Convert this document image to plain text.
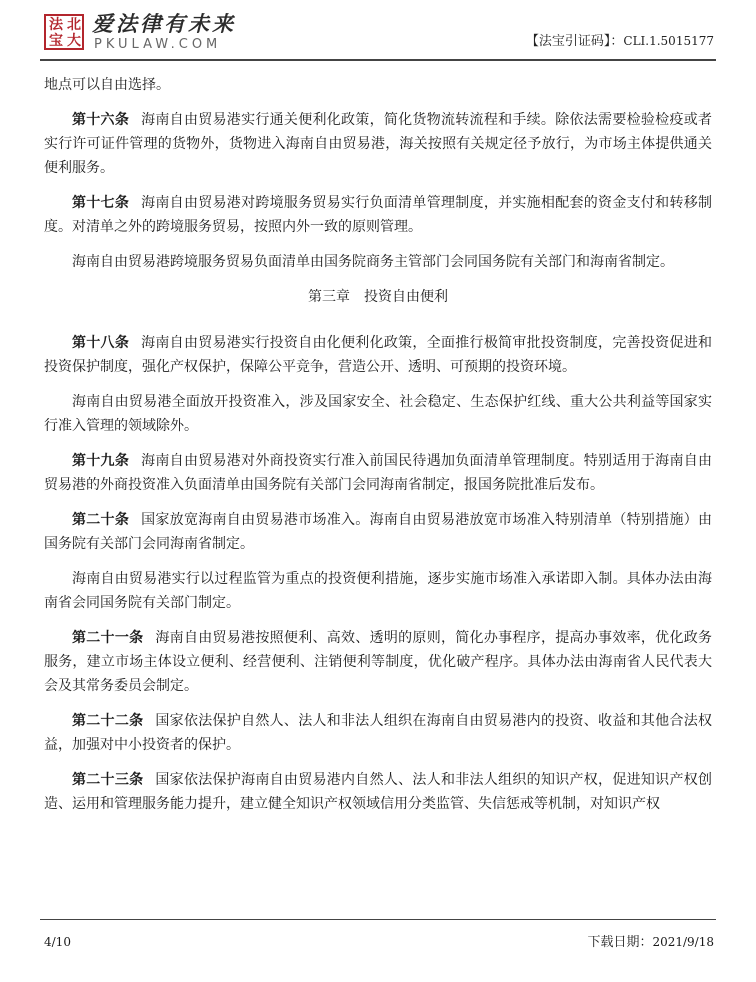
法 北
宝 大
爱法律有未来
PKULAW.COM	【法宝引证码】：CLI.1.5015177

地点可以自由选择。

第十六条 海南自由贸易港实行通关便利化政策，简化货物流转流程和手续。除依法需要检验检疫或者实行许可证件管理的货物外，货物进入海南自由贸易港，海关按照有关规定径予放行，为市场主体提供通关便利服务。

第十七条 海南自由贸易港对跨境服务贸易实行负面清单管理制度，并实施相配套的资金支付和转移制度。对清单之外的跨境服务贸易，按照内外一致的原则管理。

海南自由贸易港跨境服务贸易负面清单由国务院商务主管部门会同国务院有关部门和海南省制定。

第三章 投资自由便利

第十八条 海南自由贸易港实行投资自由化便利化政策，全面推行极简审批投资制度，完善投资促进和投资保护制度，强化产权保护，保障公平竞争，营造公开、透明、可预期的投资环境。

海南自由贸易港全面放开投资准入，涉及国家安全、社会稳定、生态保护红线、重大公共利益等国家实行准入管理的领域除外。

第十九条 海南自由贸易港对外商投资实行准入前国民待遇加负面清单管理制度。特别适用于海南自由贸易港的外商投资准入负面清单由国务院有关部门会同海南省制定，报国务院批准后发布。

第二十条 国家放宽海南自由贸易港市场准入。海南自由贸易港放宽市场准入特别清单（特别措施）由国务院有关部门会同海南省制定。

海南自由贸易港实行以过程监管为重点的投资便利措施，逐步实施市场准入承诺即入制。具体办法由海南省会同国务院有关部门制定。

第二十一条 海南自由贸易港按照便利、高效、透明的原则，简化办事程序，提高办事效率，优化政务服务，建立市场主体设立便利、经营便利、注销便利等制度，优化破产程序。具体办法由海南省人民代表大会及其常务委员会制定。

第二十二条 国家依法保护自然人、法人和非法人组织在海南自由贸易港内的投资、收益和其他合法权益，加强对中小投资者的保护。

第二十三条 国家依法保护海南自由贸易港内自然人、法人和非法人组织的知识产权，促进知识产权创造、运用和管理服务能力提升，建立健全知识产权领域信用分类监管、失信惩戒等机制，对知识产权

4/10	下载日期：2021/9/18
